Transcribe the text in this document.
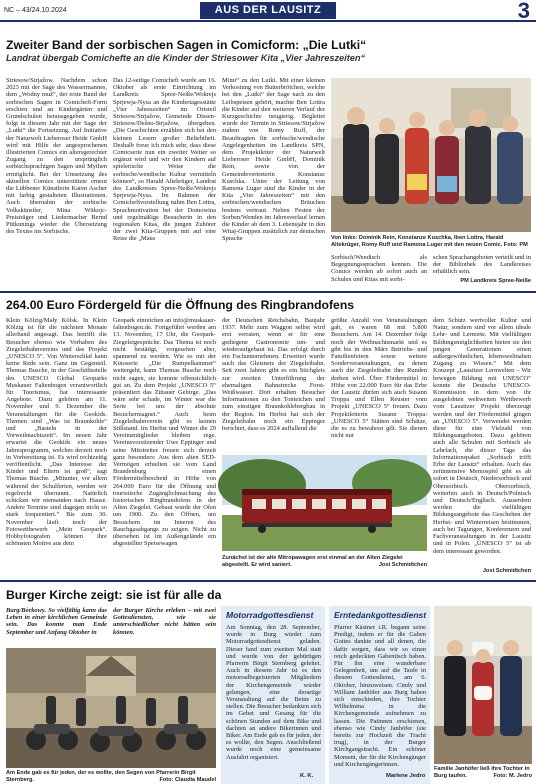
NC – 43/24.10.2024	AUS DER LAUSITZ	3
Zweiter Band der sorbischen Sagen in Comicform: „Die Lutki“
Landrat übergab Comichefte an die Kinder der Striesower Kita „Vier Jahreszeiten“

Striesow/Strjažow. Nachdem schon 2023 mit der Sage des Wassermannes, dem „Wodny muž“, der erste Band der sorbischen Sagen in Comicheft-Form erschien und an Kindergärten und Grundschulen herausgegeben wurde, folgt in diesem Jahr mit der Sage der „Lutki“ die Fortsetzung. Auf Initiative der Naturwelt Lieberoser Heide GmbH wird mit Hilfe der angesprochenen illustrierten Comics ein altersgerechter Zugang zu den ursprünglich sorbischsprachigen Sagen und Mythen ermöglicht. Bei der Umsetzung des aktuellen Comics unterstützte erneut die Lübbener Künstlerin Karen Ascher mit farbig gestalteten Illustrationen. Auch übernahm der sorbische Volkskünstler, Mina Witkojc-Preisträger und Liedermacher Bernd Pittkunings wieder die Übersetzung des Textes ins Sorbische.

Das 12-seitige Comicheft wurde am 16. Oktober als erste Einrichtung im Landkreis Spree-Neiße/Wokrejs Sprjewja-Nysa an die Kindertagesstätte „Vier Jahreszeiten“ im Ortsteil Striesow/Strjažow, Gemeinde Dissen-Striesow/Dešno-Strjažow, übergeben. „Die Geschichten erzählen sich bei den kleinen Lesern großer Beliebtheit. Deshalb freue ich mich sehr, dass diese Comicserie nun ein zweiter Weiter so ergänzt wird und wir den Kindern auf spielerische Weise die sorbische/wendische Kultur vermitteln können“, so Harald Altekrüger, Landrat des Landkreises Spree-Neiße/Wokrejs Sprjewja-Nysa. Im Rahmen der Comicheftvorstellung nahm Ben Lottra, Sprachmotivation bei der Domowina und regelmäßige Besucherin in den regionalen Kitas, die jungen Zuhörer der zwei Kita-Gruppen mit auf eine Reise die „Maus

Mimi“ zu den Lutki. Mit einer kleinen Verkostung von Butterbrötchen, welche bei den „Lutki“ der Sage nach zu den Leibspeisen gehört, machte Ben Lottra die Kinder auf den weiteren Verlauf der Kurzgeschichte neugierig. Begleitet wurde der Termin in Striesow/Strjažow zudem von Romy Ruff, der Beauftragten für sorbische/wendische Angelegenheiten im Landkreis SPN, dem Projektleiter der Naturwelt Lieberoser Heide GmbH, Dominik Rein, sowie von der Gemeindevertreterin Konstanze Kuschka. Unter der Leitung von Ramona Luger sind die Kinder in der Kita „Vier Jahreszeiten“ mit den sorbischen/wendischen Bräuchen bestens vertraut. Neben Festen der Sorben/Wenden im Jahresverlauf lernen die Kinder ab dem 3. Lebensjahr in den Witaj-Gruppen zusätzlich zur deutschen Sprache	Von links: Dominik Rein, Konstanze Kuschka, Iben Lottra, Harald Altekrüger, Romy Ruff und Ramona Luger mit den neuen Comic. Foto: PM

Sorbisch/Wendisch als Begegnungssprachen kennen. Die Comics werden ab sofort auch an Schulen und Kitas mit sorbi-

schen Sprachangeboten verteilt und in der Bibliothek des Landkreises erhältlich sein.

PM Landkreis Spree-Neiße
264.00 Euro Fördergeld für die Öffnung des Ringbrandofens

Klein Kölzig/Mały Kólsk. In Klein Kölzig ist für die nächsten Monate allerhand angesagt. Das betrifft die Besucher ebenso wie Vorhaben des Ziegeleibahnvereins und das Projekt „UNESCO 5“. Von Winterschlaf kann keine Rede sein. Ganz im Gegenteil. Thomas Busche, in der Geschäftsstelle des UNESCO Global Geoparks Muskauer Faltenbogen verantwortlich für Tourismus, hat interessante Angebote. Dazu gehören am 11. November und 9. Dezember die Veranstaltungen für die Geokids. Themen sind „Was ist Braunkohle“ und „Basteln in der Vorweihnachtszeit“. Im neuen Jahr erwartet die Geokids ein neues Jahresprogramm, welches derzeit noch in Vorbereitung ist. Es wird rechtzeitig veröffentlicht. „Das Interesse der Kinder und Eltern ist groß“, sagt Thomas Busche. „Mitunter, vor allem während der Schulferien, werden wir regelrecht überrannt. Natürlich schicken wir niemanden nach Hause. Andere Termine sind dagegen nicht so stark frequentiert.“ Bis zum 30. November läuft noch der Fotowettbewerb „Mein Geopark“. Hobbyfotografen können ihre schönsten Motive aus dem

Geopark einreichen an info@muskauer-faltenbogen.de. Fortgeführt werden am 13. November, 17 Uhr, die Geopark-Ziegeleigespräche. Das Thema ist noch nicht bestätigt, vorgesehen aber, spannend zu werden. Wie es mit der Kinoserie „Die Rumpelkammer“ weitergeht, kann Thomas Busche noch nicht sagen, sie komme offensichtlich gut an. Zu dem Projekt „UNESCO 5“ präsentiert das Zittauer Gebirge. „Das wäre sehr schade, im Winter war die Serie bei uns der absolute Besuchermagnet.“ Auch beim Ziegeleibahnverein gibt es keinen Stillstand. Im Herbst und Winter die 29 Vereinsmitglieder bleiben rege. Vereinsvorsitzender Uwe Eppinger und seine Mitstreiter freuen sich derzeit ganz besonders: Aus dem alten SED-Vermögen erhielten sie vom Land Brandenburg einen Fördermittelbescheid in Höhe von 264.000 Euro für die Öffnung und touristische Zugänglichmachung des historischen Ringbrandofens in der Alten Ziegelei. Gebaut wurde der Ofen um 1900. Zu den Öffnen, um Besuchern im Inneren des Rauchgasabgangs zu zeigen. Nicht zu übersehen ist im Außengelände ein abgestellter Speisewagen

der Deutschen Reichsbahn, Baujahr 1937. Mehr zum Waggon selbst wird erst verraten, wenn er für eine gediegene Gastronomie um- und wiederaufgebaut ist. Das erfolgt durch ein Fachunternehmen. Erweitert wurde auch das Gleisnetz der Ziegeleibahn. Seit zwei Jahren gibt es ein Stichgleis zur zweiten Unterführung der ehemaligen Bahnstrecke Forst-Weißwasser. Dort erhalten Besucher Informationen zu den Tonteichen und zum einstigen Braunkohlebergbau in der Region. Im Herbst hat sich der Ziegeleibahn noch ein Eppinger berichtet, dass es 2024 auffallend die

größte Anzahl von Veranstaltungen gab, es waren 68 mit 5.800 Besuchern. Am 14. Dezember folgt noch der Weihnachtsmarkt und es gibt bis in den März Betriebs- und Familienfeiern sowie weitere Sonderveranstaltungen, zu denen auch die Ziegeleibahn ihre Runden drehen wird. Über Fördermittel in Höhe von 22.000 Euro für das Erbe der Lausitz dürfen sich auch Susann Troppa und Ellen Reuster vom Projekt „UNESCO 5“ freuen. Dazu Projektleiterin Susann Troppa: „UNESCO 5“ Stätten sind Schätze, die es zu bewahren gilt. Sie dienen nicht nur

dem Schutz wertvoller Kultur und Natur, sondern sind vor allem ideale Lehr- und Lernorte. Mit vielfältigen Bildungsmöglichkeiten bieten sie den jungen Generationen einen außergewöhnlichen, lebensweltnahen Zugang zu Wissen.“ Mit dem Konzept „Lausitzer Lernwelten – Wir bewegen Bildung mit UNESCO“ konnte die Deutsche UNESCO-Kommission in dem von ihr ausgelobten weltweiten Wettbewerb vom Lausitzer Projekt überzeugt werden und der Fördermittel gingen an „UNESCO 5“. Verwendet werden diese für eine Vielzahl von Bildungsangeboten. Dazu gehören auch alle Schulen mit Sorbisch als Lehrfach, die dieser Tage das Informationspaket „Sorbisch trifft Erbe der Lausitz“ erhalten. Auch das zeitintensive Memospiel gibt es ab sofort in Deutsch, Niedersorbisch und Obersorbisch. Obersorbisch, weiterhin auch in Deutsch/Polnisch und Deutsch/Englisch. Ausserdem werden die vielfältigen Bildungsangebote das Geschehen der Herbst- und Winterreisen bestimmen, auch bei Tagungen, Konferenzen und Fachveranstaltungen in der Lausitz und in Polen. „UNESCO 5“ ist ab dem interessant geworden.

Zunächst ist der alte Mitropawagen erst einmal an der Alten Ziegelei abgestellt. Er wird saniert.	Jost Schmidtchen
Jost Schmidtchen
Burger Kirche zeigt: sie ist für alle da

Burg/Bórkowy. So vielfältig kann das Leben in einer kirchlichen Gemeinde sein. Das konnte man Ende September und Anfang Oktober in

der Burger Kirche erleben – mit zwei Gottesdiensten, wie sie unterschiedlicher nicht hätten sein können.

Am Ende gab es für jeden, der es wollte, den Segen von Pfarrerin Birgit Sternberg.	Foto: Claudia Maudel
Motorradgottesdienst

Am Sonntag, den 28. September, wurde in Burg wieder zum Motorradgottesdienst geladen. Dieser fand zum zweiten Mal statt und wurde von der gebürtigen Pfarrerin Birgit Sternberg geleitet. Auch in diesem Jahr ist es den motorradbegeisterten Mitgliedern der Kirchengemeinde wieder gelungen, eine derartige Veranstaltung auf die Beine zu stellen. Die Besucher bedankten sich im Gebet und Gesang für die schönen Stunden auf dem Bike und dachten an andere Bikerinnen und Biker. Am Ende gab es für jeden, der es wollte, den Segen. Anschließend wurde noch eine gemeinsame Ausfahrt organisiert.

K. K.
Erntedankgottesdienst

Pfarrer Kästner i.R. begann seine Predigt, indem er für die Gaben Gottes dankte und all denen, die dafür sorgen, dass wir so einen reich gedeckten Gabentisch haben. Für ihn eine wunderbare Gelegenheit, um auf die Taufe in diesem Gottesdienst, am 6. Oktober, hinzuweisen. Cindy und William Janhöfer aus Burg haben sich entschieden, ihre Tochter Wilhelmina in die Kirchengemeinde aufnehmen zu lassen. Die Patinnen erschienen, ebenso wie Cindy Janhöfer (sie bereits zur Hochzeit die Tracht trug), in der Burger Kirchgangstracht. Ein schöner Moment, der für die Kirchengänger und Kirchengängerinnen.

Marlene Jedro
Familie Janhöfer ließ ihre Tochter in Burg taufen.	Foto: M. Jedro
